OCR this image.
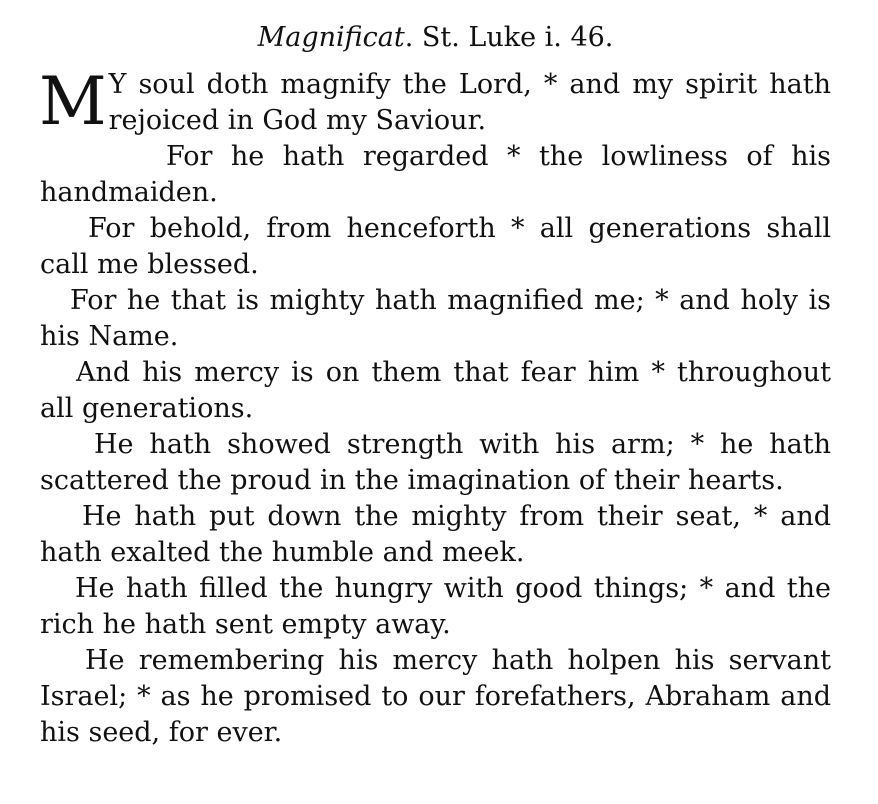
Magnificat. St. Luke i. 46.

M Y soul doth magnify the Lord, * and my spirit hath rejoiced in God my Saviour.

For he hath regarded * the lowliness of his handmaiden.

For behold, from henceforth * all generations shall call me blessed.

For he that is mighty hath magnified me; * and holy is his Name.

And his mercy is on them that fear him * throughout all generations.

He hath showed strength with his arm; * he hath scattered the proud in the imagination of their hearts.

He hath put down the mighty from their seat, * and hath exalted the humble and meek.

He hath filled the hungry with good things; * and the rich he hath sent empty away.

He remembering his mercy hath holpen his servant Israel; * as he promised to our forefathers, Abraham and his seed, for ever.
